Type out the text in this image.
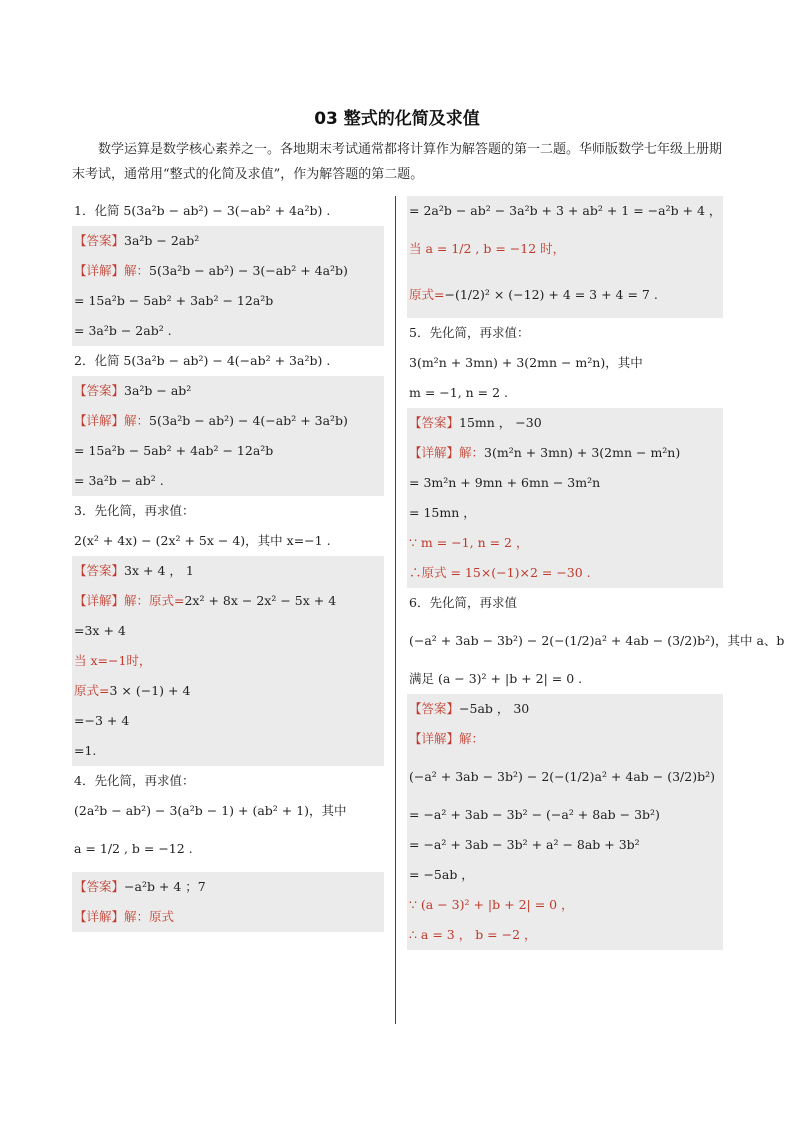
03 整式的化简及求值
数学运算是数学核心素养之一。各地期末考试通常都将计算作为解答题的第一二题。华师版数学七年级上册期末考试，通常用“整式的化简及求值”，作为解答题的第二题。
1．化简 5(3a²b − ab²) − 3(−ab² + 4a²b) .
【答案】3a²b − 2ab²
【详解】解：5(3a²b − ab²) − 3(−ab² + 4a²b)
= 15a²b − 5ab² + 3ab² − 12a²b
= 3a²b − 2ab² .
2．化简 5(3a²b − ab²) − 4(−ab² + 3a²b) .
【答案】3a²b − ab²
【详解】解：5(3a²b − ab²) − 4(−ab² + 3a²b)
= 15a²b − 5ab² + 4ab² − 12a²b
= 3a²b − ab² .
3．先化简，再求值：
2(x² + 4x) − (2x² + 5x − 4)，其中 x=−1 .
【答案】3x + 4 ， 1
【详解】解：原式=2x² + 8x − 2x² − 5x + 4
=3x + 4
当 x=−1时，
原式=3 × (−1) + 4
=−3 + 4
=1.
4．先化简，再求值：
(2a²b − ab²) − 3(a²b − 1) + (ab² + 1)，其中
a = 1/2 , b = −12 .
【答案】−a²b + 4 ；7
【详解】解：原式
= 2a²b − ab² − 3a²b + 3 + ab² + 1 = −a²b + 4 ，
当 a = 1/2 , b = −12 时，
原式=−(1/2)² × (−12) + 4 = 3 + 4 = 7 .
5．先化简，再求值：
3(m²n + 3mn) + 3(2mn − m²n)，其中
m = −1, n = 2 .
【答案】15mn ， −30
【详解】解：3(m²n + 3mn) + 3(2mn − m²n)
= 3m²n + 9mn + 6mn − 3m²n
= 15mn ，
∵ m = −1, n = 2 ，
∴原式 = 15×(−1)×2 = −30 .
6．先化简，再求值
(−a² + 3ab − 3b²) − 2(−(1/2)a² + 4ab − (3/2)b²)，其中 a、b
满足 (a − 3)² + |b + 2| = 0 .
【答案】−5ab ， 30
【详解】解：
(−a² + 3ab − 3b²) − 2(−(1/2)a² + 4ab − (3/2)b²)
= −a² + 3ab − 3b² − (−a² + 8ab − 3b²)
= −a² + 3ab − 3b² + a² − 8ab + 3b²
= −5ab ，
∵ (a − 3)² + |b + 2| = 0 ，
∴ a = 3 ， b = −2 ，
